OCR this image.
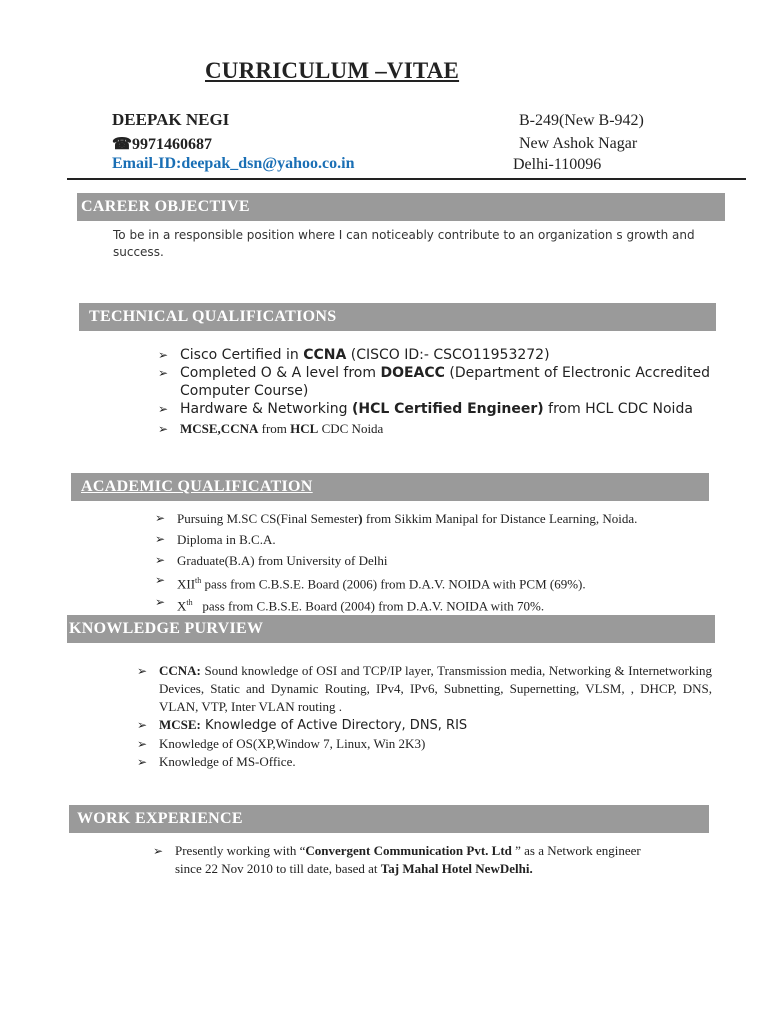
CURRICULUM –VITAE
DEEPAK NEGI
☎9971460687
Email-ID:deepak_dsn@yahoo.co.in
B-249(New B-942)
New Ashok Nagar
Delhi-110096
CAREER OBJECTIVE
To be in a responsible position where I can noticeably contribute to an organization s growth and success.
TECHNICAL QUALIFICATIONS
➢ Cisco Certified in CCNA (CISCO ID:- CSCO11953272)
➢ Completed O & A level from DOEACC (Department of Electronic Accredited Computer Course)
➢ Hardware & Networking (HCL Certified Engineer) from HCL CDC Noida
➢ MCSE,CCNA from HCL CDC Noida
ACADEMIC QUALIFICATION
➢ Pursuing M.SC CS(Final Semester) from Sikkim Manipal for Distance Learning, Noida.
➢ Diploma in B.C.A.
➢ Graduate(B.A) from University of Delhi
➢ XIIth pass from C.B.S.E. Board (2006) from D.A.V. NOIDA with PCM (69%).
➢ Xth   pass from C.B.S.E. Board (2004) from D.A.V. NOIDA with 70%.
KNOWLEDGE PURVIEW
➢ CCNA: Sound knowledge of OSI and TCP/IP layer, Transmission media, Networking & Internetworking Devices, Static and Dynamic Routing, IPv4, IPv6, Subnetting, Supernetting, VLSM, , DHCP, DNS, VLAN, VTP, Inter VLAN routing .
➢ MCSE: Knowledge of Active Directory, DNS, RIS
➢ Knowledge of OS(XP,Window 7, Linux, Win 2K3)
➢ Knowledge of MS-Office.
WORK EXPERIENCE
➢ Presently working with “Convergent Communication Pvt. Ltd ” as a Network engineer since 22 Nov 2010 to till date, based at Taj Mahal Hotel NewDelhi.
